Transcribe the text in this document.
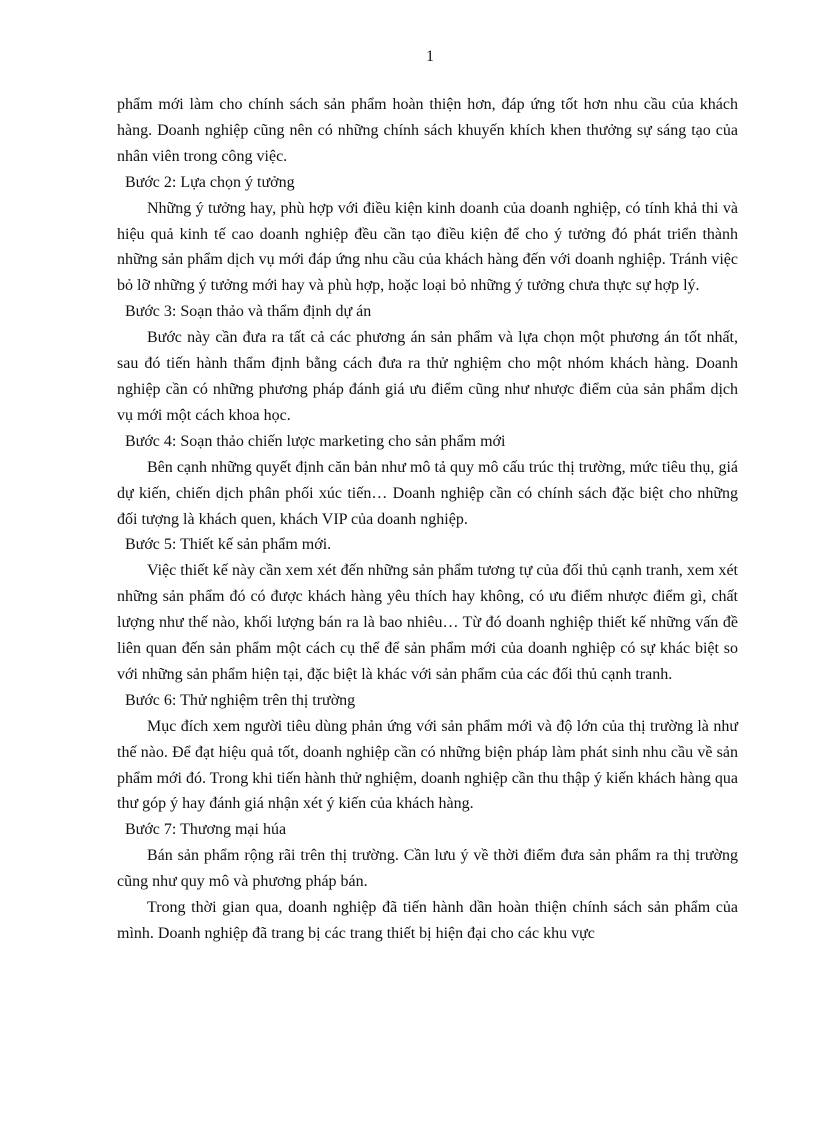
1

phẩm mới làm cho chính sách sản phẩm hoàn thiện hơn, đáp ứng tốt hơn nhu cầu của khách hàng. Doanh nghiệp cũng nên có những chính sách khuyến khích khen thưởng sự sáng tạo của nhân viên trong công việc.

Bước 2: Lựa chọn ý tưởng

Những ý tưởng hay, phù hợp với điều kiện kinh doanh của doanh nghiệp, có tính khả thi và hiệu quả kinh tế cao doanh nghiệp đều cần tạo điều kiện để cho ý tưởng đó phát triển thành những sản phẩm dịch vụ mới đáp ứng nhu cầu của khách hàng đến với doanh nghiệp. Tránh việc bỏ lỡ những ý tưởng mới hay và phù hợp, hoặc loại bỏ những ý tưởng chưa thực sự hợp lý.

Bước 3: Soạn thảo và thẩm định dự án

Bước này cần đưa ra tất cả các phương án sản phẩm và lựa chọn một phương án tốt nhất, sau đó tiến hành thẩm định bằng cách đưa ra thử nghiệm cho một nhóm khách hàng. Doanh nghiệp cần có những phương pháp đánh giá ưu điểm cũng như nhược điểm của sản phẩm dịch vụ mới một cách khoa học.

Bước 4: Soạn thảo chiến lược marketing cho sản phẩm mới

Bên cạnh những quyết định căn bản như mô tả quy mô cấu trúc thị trường, mức tiêu thụ, giá dự kiến, chiến dịch phân phối xúc tiến… Doanh nghiệp cần có chính sách đặc biệt cho những đối tượng là khách quen, khách VIP của doanh nghiệp.

Bước 5: Thiết kế sản phẩm mới.

Việc thiết kế này cần xem xét đến những sản phẩm tương tự của đối thủ cạnh tranh, xem xét những sản phẩm đó có được khách hàng yêu thích hay không, có ưu điểm nhược điểm gì, chất lượng như thế nào, khối lượng bán ra là bao nhiêu… Từ đó doanh nghiệp thiết kế những vấn đề liên quan đến sản phẩm một cách cụ thể để sản phẩm mới của doanh nghiệp có sự khác biệt so với những sản phẩm hiện tại, đặc biệt là khác với sản phẩm của các đối thủ cạnh tranh.

Bước 6: Thử nghiệm trên thị trường

Mục đích xem người tiêu dùng phản ứng với sản phẩm mới và độ lớn của thị trường là như thế nào. Để đạt hiệu quả tốt, doanh nghiệp cần có những biện pháp làm phát sinh nhu cầu về sản phẩm mới đó. Trong khi tiến hành thử nghiệm, doanh nghiệp cần thu thập ý kiến khách hàng qua thư góp ý hay đánh giá nhận xét ý kiến của khách hàng.

Bước 7: Thương mại húa

Bán sản phẩm rộng rãi trên thị trường. Cần lưu ý về thời điểm đưa sản phẩm ra thị trường cũng như quy mô và phương pháp bán.

Trong thời gian qua, doanh nghiệp đã tiến hành dần hoàn thiện chính sách sản phẩm của mình. Doanh nghiệp đã trang bị các trang thiết bị hiện đại cho các khu vực
